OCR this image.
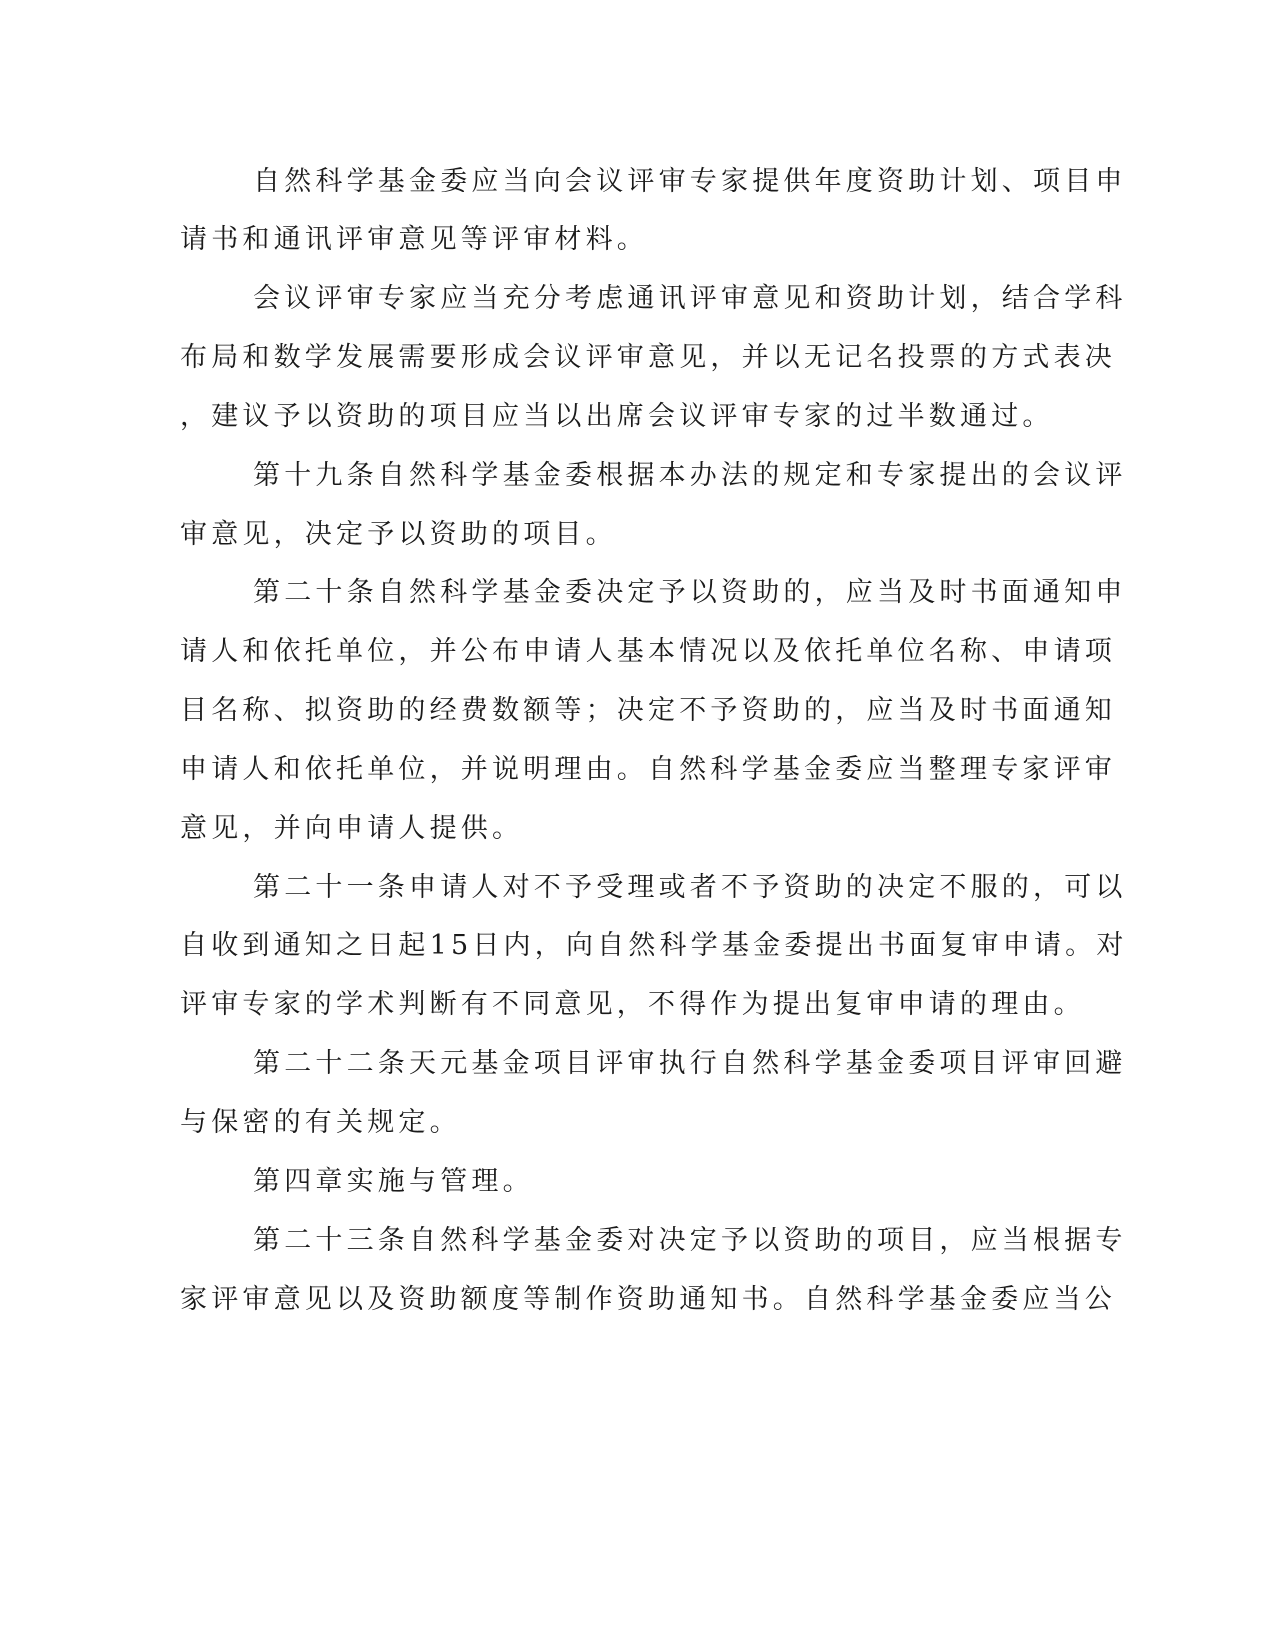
自然科学基金委应当向会议评审专家提供年度资助计划、项目申

请书和通讯评审意见等评审材料。

会议评审专家应当充分考虑通讯评审意见和资助计划，结合学科

布局和数学发展需要形成会议评审意见，并以无记名投票的方式表决

，建议予以资助的项目应当以出席会议评审专家的过半数通过。

第十九条自然科学基金委根据本办法的规定和专家提出的会议评

审意见，决定予以资助的项目。

第二十条自然科学基金委决定予以资助的，应当及时书面通知申

请人和依托单位，并公布申请人基本情况以及依托单位名称、申请项

目名称、拟资助的经费数额等；决定不予资助的，应当及时书面通知

申请人和依托单位，并说明理由。自然科学基金委应当整理专家评审

意见，并向申请人提供。

第二十一条申请人对不予受理或者不予资助的决定不服的，可以

自收到通知之日起15日内，向自然科学基金委提出书面复审申请。对

评审专家的学术判断有不同意见，不得作为提出复审申请的理由。

第二十二条天元基金项目评审执行自然科学基金委项目评审回避

与保密的有关规定。

第四章实施与管理。

第二十三条自然科学基金委对决定予以资助的项目，应当根据专

家评审意见以及资助额度等制作资助通知书。自然科学基金委应当公
